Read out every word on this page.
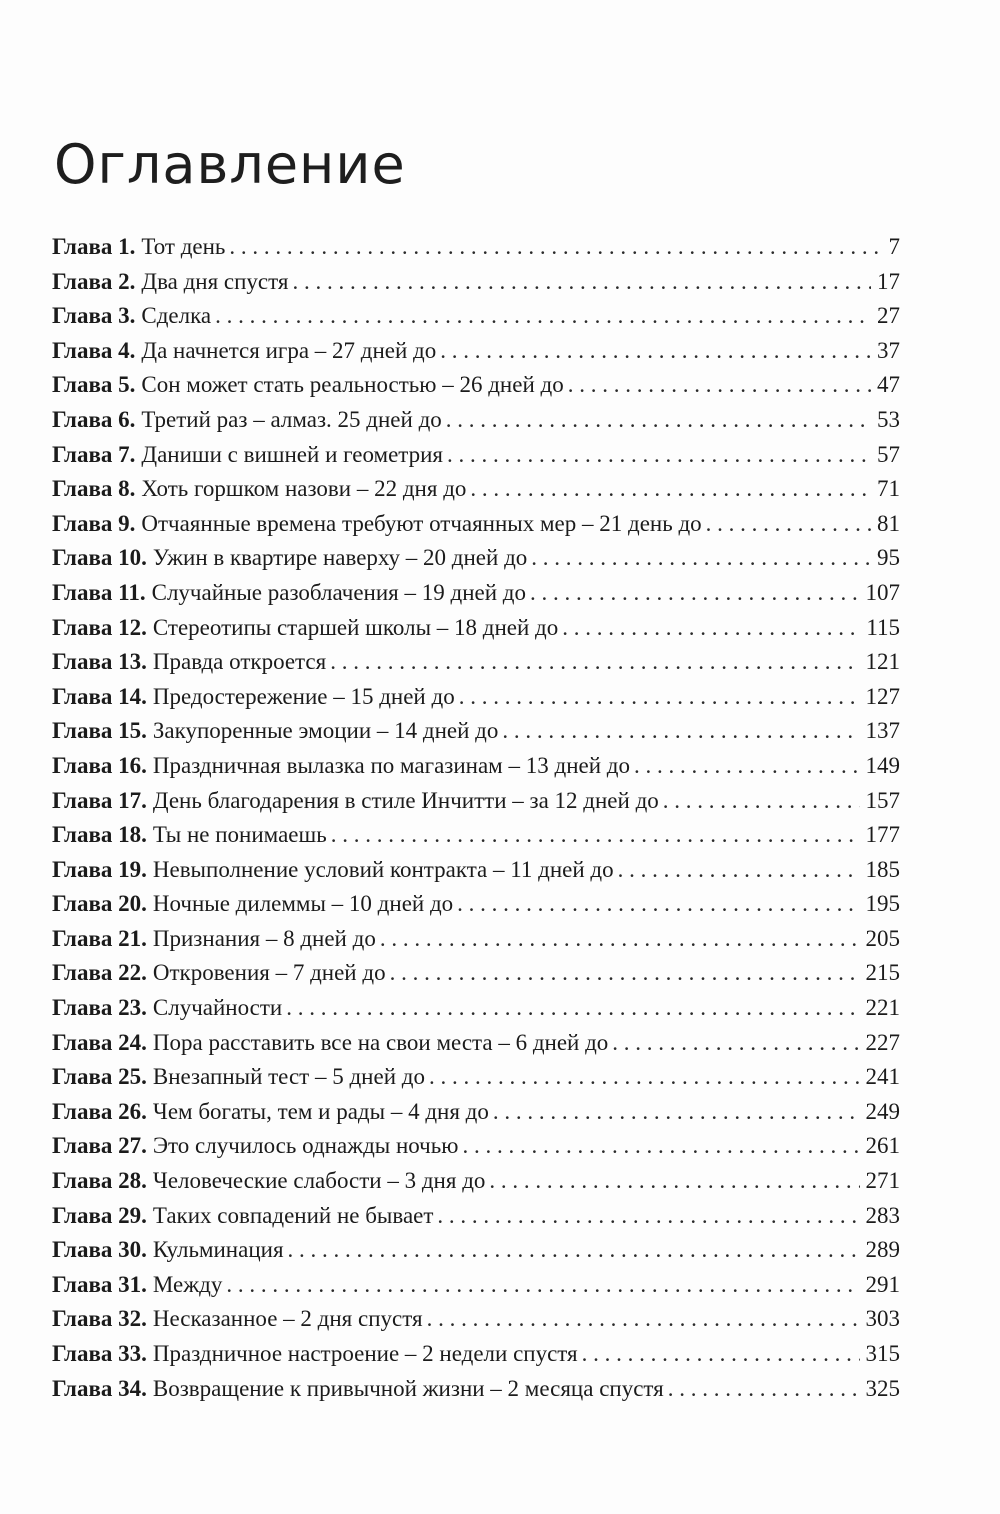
Оглавление
Глава 1. Тот день . . .	7
Глава 2. Два дня спустя . . .	17
Глава 3. Сделка . . .	27
Глава 4. Да начнется игра – 27 дней до . . .	37
Глава 5. Сон может стать реальностью – 26 дней до . . .	47
Глава 6. Третий раз – алмаз. 25 дней до . . .	53
Глава 7. Даниши с вишней и геометрия . . .	57
Глава 8. Хоть горшком назови – 22 дня до . . .	71
Глава 9. Отчаянные времена требуют отчаянных мер – 21 день до . . .	81
Глава 10. Ужин в квартире наверху – 20 дней до . . .	95
Глава 11. Случайные разоблачения – 19 дней до . . .	107
Глава 12. Стереотипы старшей школы – 18 дней до . . .	115
Глава 13. Правда откроется . . .	121
Глава 14. Предостережение – 15 дней до . . .	127
Глава 15. Закупоренные эмоции – 14 дней до . . .	137
Глава 16. Праздничная вылазка по магазинам – 13 дней до . . .	149
Глава 17. День благодарения в стиле Инчитти – за 12 дней до . . .	157
Глава 18. Ты не понимаешь . . .	177
Глава 19. Невыполнение условий контракта – 11 дней до . . .	185
Глава 20. Ночные дилеммы – 10 дней до . . .	195
Глава 21. Признания – 8 дней до . . .	205
Глава 22. Откровения – 7 дней до . . .	215
Глава 23. Случайности . . .	221
Глава 24. Пора расставить все на свои места – 6 дней до . . .	227
Глава 25. Внезапный тест – 5 дней до . . .	241
Глава 26. Чем богаты, тем и рады – 4 дня до . . .	249
Глава 27. Это случилось однажды ночью . . .	261
Глава 28. Человеческие слабости – 3 дня до . . .	271
Глава 29. Таких совпадений не бывает . . .	283
Глава 30. Кульминация . . .	289
Глава 31. Между . . .	291
Глава 32. Несказанное – 2 дня спустя . . .	303
Глава 33. Праздничное настроение – 2 недели спустя . . .	315
Глава 34. Возвращение к привычной жизни – 2 месяца спустя . . .	325
